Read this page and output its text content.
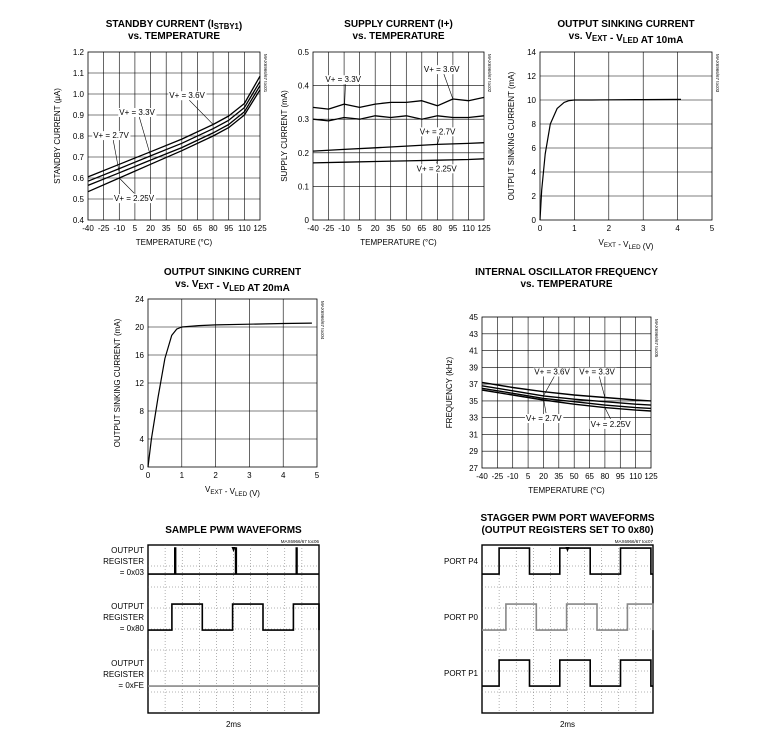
STANDBY CURRENT $(I_{STBY1})$
vs. TEMPERATURE
-40 -25 -10 5 20 35 50 65 80 95 110 125
0.4
0.5
0.6
0.7
0.8
0.9
1.0
1.1
1.2
TEMPERATURE (°C)
STANDBY CURRENT (μA)
MAX6966/67 toc01
V+ = 3.6V
V+ = 3.3V
V+ = 2.7V
V+ = 2.25V
SUPPLY CURRENT (I+)
vs. TEMPERATURE
-40 -25 -10 5 20 35 50 65 80 95 110 125
0
0.1
0.2
0.3
0.4
0.5
TEMPERATURE (°C)
SUPPLY CURRENT (mA)
MAX6966/67 toc02
V+ = 3.6V
V+ = 3.3V
V+ = 2.7V
V+ = 2.25V
OUTPUT SINKING CURRENT
vs. $V_{EXT} - V_{LED}$ AT 10mA
0	1	2	3	4	5
0
2
4
6
8
10
12
14
$V_{EXT} - V_{LED}$ (V)
OUTPUT SINKING CURRENT (mA)	MAX6966/67 toc03
OUTPUT SINKING CURRENT
vs. $V_{EXT} - V_{LED}$ AT 20mA
0	1	2	3	4	5
0
4
8
12
16
20
24
$V_{EXT} - V_{LED}$ (V)
OUTPUT SINKING CURRENT (mA)	MAX6966/67 toc04
INTERNAL OSCILLATOR FREQUENCY
vs. TEMPERATURE
-40 -25 -10 5 20 35 50 65 80 95 110 125
27
29
31
33
35
37
39
41
43
45
TEMPERATURE (°C)
FREQUENCY (kHz)
MAX6966/67 toc05
V+ = 3.6V V+ = 3.3V
V+ = 2.7V
V+ = 2.25V
SAMPLE PWM WAVEFORMS
MAX6966/67 toc06
OUTPUT
REGISTER
= 0x03
OUTPUT
REGISTER
= 0x80
OUTPUT
REGISTER
= 0xFE
2ms
STAGGER PWM PORT WAVEFORMS
(OUTPUT REGISTERS SET TO 0x80)
MAX6966/67 toc07
PORT P4
PORT P0
PORT P1
2ms
